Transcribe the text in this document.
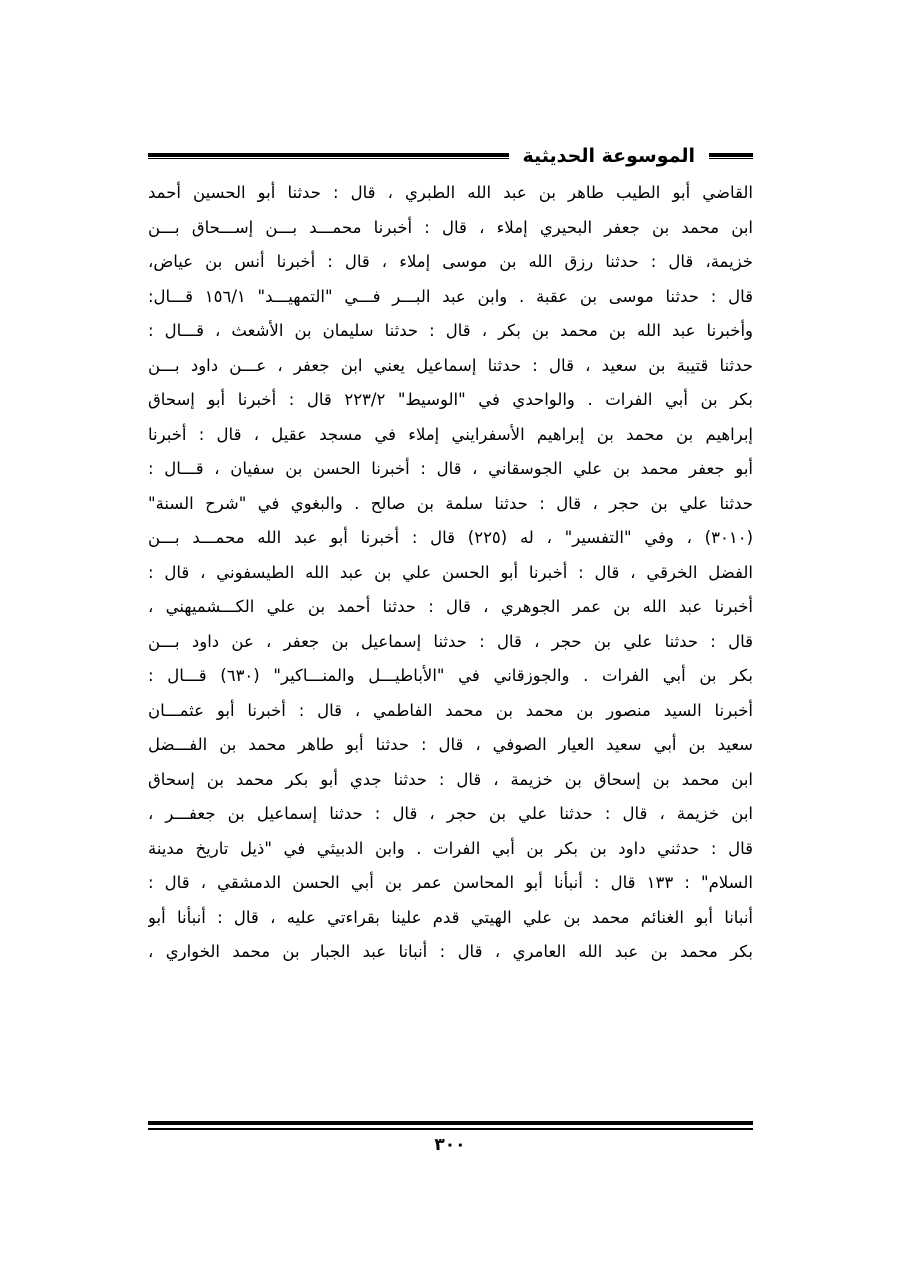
الموسوعة الحديثية
القاضي أبو الطيب طاهر بن عبد الله الطبري ، قال : حدثنا أبو الحسين أحمد
ابن محمد بن جعفر البحيري إملاء ، قال : أخبرنا محمـــد بـــن إســـحاق بـــن
خزيمة، قال : حدثنا رزق الله بن موسى إملاء ، قال : أخبرنا أنس بن عياض،
قال : حدثنا موسى بن عقبة . وابن عبد البـــر فـــي "التمهيـــد" ١٥٦/١ قـــال:
وأخبرنا عبد الله بن محمد بن بكر ، قال : حدثنا سليمان بن الأشعث ، قـــال :
حدثنا قتيبة بن سعيد ، قال : حدثنا إسماعيل يعني ابن جعفر ، عـــن داود بـــن
بكر بن أبي الفرات . والواحدي في "الوسيط" ٢٢٣/٢ قال : أخبرنا أبو إسحاق
إبراهيم بن محمد بن إبراهيم الأسفرايني إملاء في مسجد عقيل ، قال : أخبرنا
أبو جعفر محمد بن علي الجوسقاني ، قال : أخبرنا الحسن بن سفيان ، قـــال :
حدثنا علي بن حجر ، قال : حدثنا سلمة بن صالح . والبغوي في "شرح السنة"
(٣٠١٠) ، وفي "التفسير" ، له (٢٢٥) قال : أخبرنا أبو عبد الله محمـــد بـــن
الفضل الخرقي ، قال : أخبرنا أبو الحسن علي بن عبد الله الطيسفوني ، قال :
أخبرنا عبد الله بن عمر الجوهري ، قال : حدثنا أحمد بن علي الكـــشميهني ،
قال : حدثنا علي بن حجر ، قال : حدثنا إسماعيل بن جعفر ، عن داود بـــن
بكر بن أبي الفرات . والجوزقاني في "الأباطيـــل والمنـــاكير" (٦٣٠) قـــال :
أخبرنا السيد منصور بن محمد بن محمد الفاطمي ، قال : أخبرنا أبو عثمـــان
سعيد بن أبي سعيد العيار الصوفي ، قال : حدثنا أبو طاهر محمد بن الفـــضل
ابن محمد بن إسحاق بن خزيمة ، قال : حدثنا جدي أبو بكر محمد بن إسحاق
ابن خزيمة ، قال : حدثنا علي بن حجر ، قال : حدثنا إسماعيل بن جعفـــر ،
قال : حدثني داود بن بكر بن أبي الفرات . وابن الدبيثي في "ذيل تاريخ مدينة
السلام" : ١٣٣ قال : أنبأنا أبو المحاسن عمر بن أبي الحسن الدمشقي ، قال :
أنبانا أبو الغنائم محمد بن علي الهيتي قدم علينا بقراءتي عليه ، قال : أنبأنا أبو
بكر محمد بن عبد الله العامري ، قال : أنبانا عبد الجبار بن محمد الخواري ،
٣٠٠
